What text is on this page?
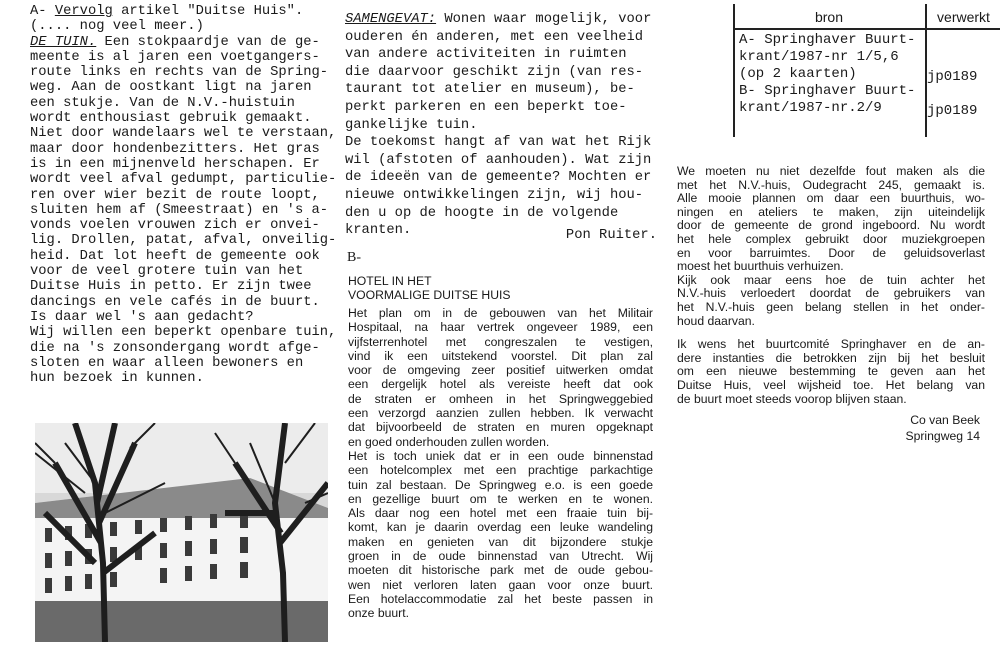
A- Vervolg artikel "Duitse Huis".
(.... nog veel meer.)
DE TUIN. Een stokpaardje van de ge-
meente is al jaren een voetgangers-
route links en rechts van de Spring-
weg. Aan de oostkant ligt na jaren
een stukje. Van de N.V.-huistuin
wordt enthousiast gebruik gemaakt.
Niet door wandelaars wel te verstaan,
maar door hondenbezitters. Het gras
is in een mijnenveld herschapen. Er
wordt veel afval gedumpt, particulie-
ren over wier bezit de route loopt,
sluiten hem af (Smeestraat) en 's a-
vonds voelen vrouwen zich er onvei-
lig. Drollen, patat, afval, onveilig-
heid. Dat lot heeft de gemeente ook
voor de veel grotere tuin van het
Duitse Huis in petto. Er zijn twee
dancings en vele cafés in de buurt.
Is daar wel 's aan gedacht?
Wij willen een beperkt openbare tuin,
die na 's zonsondergang wordt afge-
sloten en waar alleen bewoners en
hun bezoek in kunnen.
SAMENGEVAT: Wonen waar mogelijk, voor
ouderen én anderen, met een veelheid
van andere activiteiten in ruimten
die daarvoor geschikt zijn (van res-
taurant tot atelier en museum), be-
perkt parkeren en een beperkt toe-
gankelijke tuin.
De toekomst hangt af van wat het Rijk
wil (afstoten of aanhouden). Wat zijn
de ideeën van de gemeente? Mochten er
nieuwe ontwikkelingen zijn, wij hou-
den u op de hoogte in de volgende
kranten.	Pon Ruiter.
B-
HOTEL IN HET
VOORMALIGE DUITSE HUIS
Het plan om in de gebouwen van het Militair
Hospitaal, na haar vertrek ongeveer 1989, een
vijfsterrenhotel met congreszalen te vestigen,
vind ik een uitstekend voorstel. Dit plan zal
voor de omgeving zeer positief uitwerken omdat
een dergelijk hotel als vereiste heeft dat ook
de straten er omheen in het Springweggebied
een verzorgd aanzien zullen hebben. Ik verwacht
dat bijvoorbeeld de straten en muren opgeknapt
en goed onderhouden zullen worden.
Het is toch uniek dat er in een oude binnenstad
een hotelcomplex met een prachtige parkachtige
tuin zal bestaan. De Springweg e.o. is een goede
en gezellige buurt om te werken en te wonen.
Als daar nog een hotel met een fraaie tuin bij-
komt, kan je daarin overdag een leuke wandeling
maken en genieten van dit bijzondere stukje
groen in de oude binnenstad van Utrecht. Wij
moeten dit historische park met de oude gebou-
wen niet verloren laten gaan voor onze buurt.
Een hotelaccommodatie zal het beste passen in
onze buurt.
bron	verwerkt
A- Springhaver Buurt-
krant/1987-nr 1/5,6
(op 2 kaarten)
B- Springhaver Buurt-
krant/1987-nr.2/9
jp0189
jp0189
We moeten nu niet dezelfde fout maken als die
met het N.V.-huis, Oudegracht 245, gemaakt is.
Alle mooie plannen om daar een buurthuis, wo-
ningen en ateliers te maken, zijn uiteindelijk
door de gemeente de grond ingeboord. Nu wordt
het hele complex gebruikt door muziekgroepen
en voor barruimtes. Door de geluidsoverlast
moest het buurthuis verhuizen.
Kijk ook maar eens hoe de tuin achter het
N.V.-huis verloedert doordat de gebruikers van
het N.V.-huis geen belang stellen in het onder-
houd daarvan.
Ik wens het buurtcomité Springhaver en de an-
dere instanties die betrokken zijn bij het besluit
om een nieuwe bestemming te geven aan het
Duitse Huis, veel wijsheid toe. Het belang van
de buurt moet steeds voorop blijven staan.
Co van Beek
Springweg 14
